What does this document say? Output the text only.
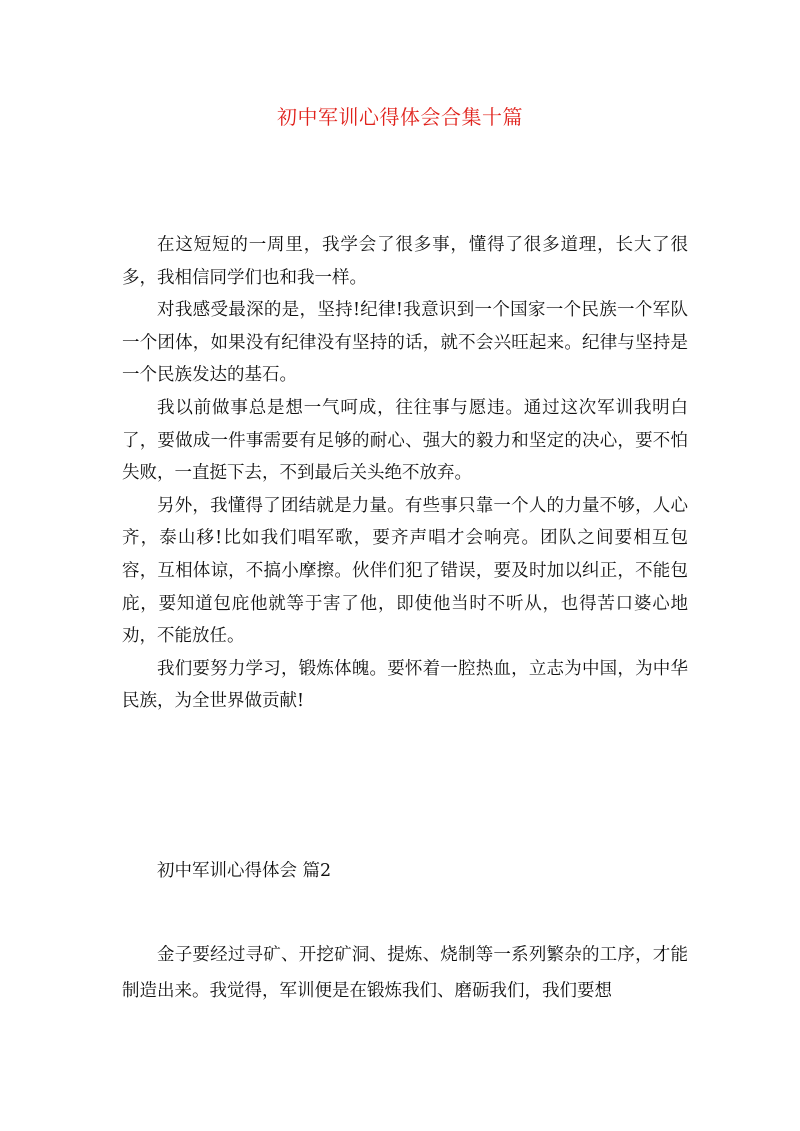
初中军训心得体会合集十篇

在这短短的一周里，我学会了很多事，懂得了很多道理，长大了很多，我相信同学们也和我一样。

对我感受最深的是，坚持!纪律!我意识到一个国家一个民族一个军队一个团体，如果没有纪律没有坚持的话，就不会兴旺起来。纪律与坚持是一个民族发达的基石。

我以前做事总是想一气呵成，往往事与愿违。通过这次军训我明白了，要做成一件事需要有足够的耐心、强大的毅力和坚定的决心，要不怕失败，一直挺下去，不到最后关头绝不放弃。

另外，我懂得了团结就是力量。有些事只靠一个人的力量不够，人心齐，泰山移!比如我们唱军歌，要齐声唱才会响亮。团队之间要相互包容，互相体谅，不搞小摩擦。伙伴们犯了错误，要及时加以纠正，不能包庇，要知道包庇他就等于害了他，即使他当时不听从，也得苦口婆心地劝，不能放任。

我们要努力学习，锻炼体魄。要怀着一腔热血，立志为中国，为中华民族，为全世界做贡献!

初中军训心得体会 篇2

金子要经过寻矿、开挖矿洞、提炼、烧制等一系列繁杂的工序，才能制造出来。我觉得，军训便是在锻炼我们、磨砺我们，我们要想
